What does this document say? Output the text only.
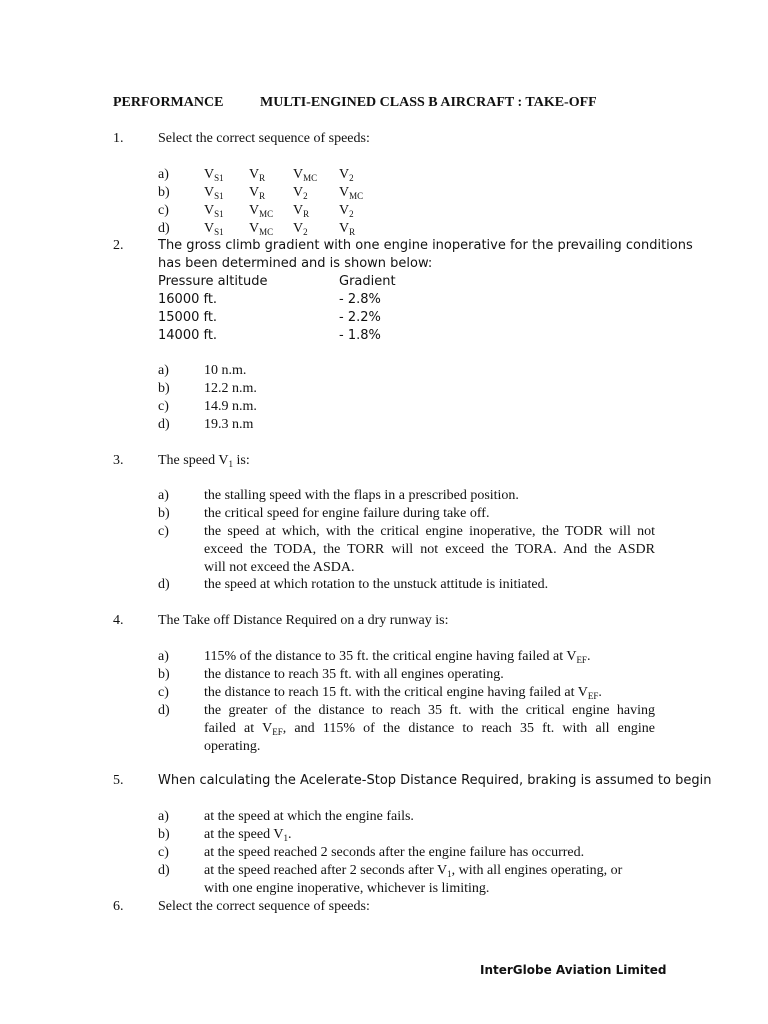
PERFORMANCE	MULTI-ENGINED CLASS B AIRCRAFT : TAKE-OFF
1. Select the correct sequence of speeds:
a)	$V_{S1}$ $V_R$ $V_{MC}$ $V_2$
b) $V_{S1}$ $V_R$ $V_2$ $V_{MC}$
c)	$V_{S1}$ $V_{MC}$ $V_R$ $V_2$
d) $V_{S1}$ $V_{MC}$ $V_2$ $V_R$
2.	The gross climb gradient with one engine inoperative for the prevailing conditions
has been determined and is shown below:
Pressure altitude	Gradient
16000 ft.	- 2.8%
15000 ft.	- 2.2%
14000 ft.	- 1.8%
a)	10 n.m.
b) 12.2 n.m.
c)	14.9 n.m.
d) 19.3 n.m
3. The speed $V_1$ is:
a)	the stalling speed with the flaps in a prescribed position.
b) the critical speed for engine failure during take off.
c)	the speed at which, with the critical engine inoperative, the TODR will not
exceed the TODA, the TORR will not exceed the TORA. And the ASDR
will not exceed the ASDA.
d) the speed at which rotation to the unstuck attitude is initiated.
4. The Take off Distance Required on a dry runway is:
a)	115% of the distance to 35 ft. the critical engine having failed at $V_{EF}$.
b) the distance to reach 35 ft. with all engines operating.
c)	the distance to reach 15 ft. with the critical engine having failed at $V_{EF}$.
d) the greater of the distance to reach 35 ft. with the critical engine having
failed at $V_{EF}$, and 115% of the distance to reach 35 ft. with all engine
operating.
5.	When calculating the Acelerate-Stop Distance Required, braking is assumed to begin
a)	at the speed at which the engine fails.
b) at the speed $V_1$.
c)	at the speed reached 2 seconds after the engine failure has occurred.
d) at the speed reached after 2 seconds after $V_1$, with all engines operating, or
with one engine inoperative, whichever is limiting.
6. Select the correct sequence of speeds:
InterGlobe Aviation Limited
